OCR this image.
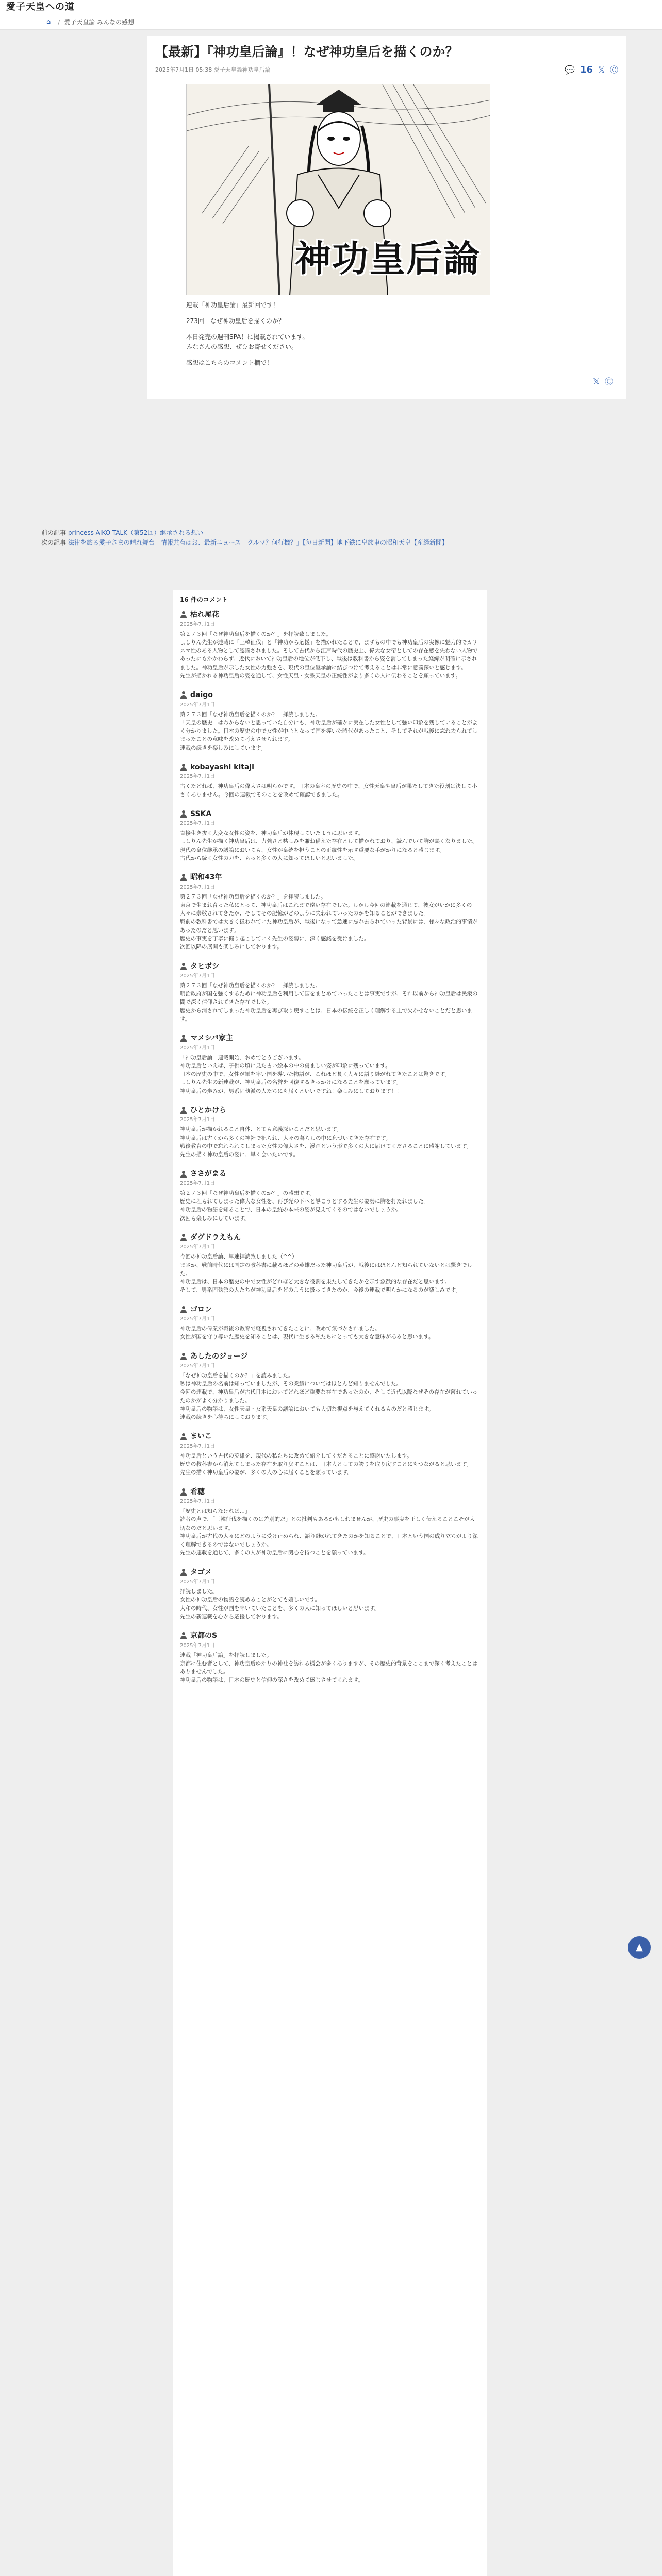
愛子天皇への道
⌂ / 愛子天皇論 みんなの感想
【最新】『神功皇后論』！なぜ神功皇后を描くのか？
2025年7月1日 05:38 愛子天皇論神功皇后論	💬 16 𝕏 Ⓒ
神功皇后論

連載「神功皇后論」最新回です！

273回　なぜ神功皇后を描くのか？

本日発売の週刊SPA！に掲載されています。
みなさんの感想、ぜひお寄せください。

感想はこちらのコメント欄で！

𝕏 Ⓒ
前の記事 princess AIKO TALK（第52回）継承される想い
次の記事 法律を旅る愛子さまの晴れ舞台　情報共有はお、最新ニュース「クルマ？何行機？」【毎日新聞】地下鉄に皇族車の昭和天皇【産経新聞】
16 件のコメント
枯れ尾花
2025年7月1日
第２７３回「なぜ神功皇后を描くのか？」を拝読致しました。
よしりん先生が連載に「三韓征伐」と「神功から応援」を描かれたことで、まずもの中でも神功皇后の実像に魅力的でカリスマ性のある人物として認識されました。そして古代から江戸時代の歴史上、偉大な女帝としての存在感を失わない人物であったにもかかわらず、近代において神功皇后の地位が低下し、戦後は教科書から姿を消してしまった経緯が明確に示されました。神功皇后が示した女性の力強さを、現代の皇位継承論に結びつけて考えることは非常に意義深いと感じます。
先生が描かれる神功皇后の姿を通して、女性天皇・女系天皇の正統性がより多くの人に伝わることを願っています。
daigo
2025年7月1日
第２７３回「なぜ神功皇后を描くのか？」拝読しました。
「天皇の歴史」はわからないと思っていた自分にも、神功皇后が確かに実在した女性として強い印象を残していることがよく分かりました。日本の歴史の中で女性が中心となって国を導いた時代があったこと、そしてそれが戦後に忘れ去られてしまったことの意味を改めて考えさせられます。
連載の続きを楽しみにしています。
kobayashi kitaji
2025年7月1日
古くたどれば、神功皇后の偉大さは明らかです。日本の皇室の歴史の中で、女性天皇や皇后が果たしてきた役割は決して小さくありません。今回の連載でそのことを改めて確認できました。
SSKA
2025年7月1日
直接生き抜く大変な女性の姿を、神功皇后が体現していたように思います。
よしりん先生が描く神功皇后は、力強さと慈しみを兼ね備えた存在として描かれており、読んでいて胸が熱くなりました。
現代の皇位継承の議論においても、女性が皇統を担うことの正統性を示す重要な手がかりになると感じます。
古代から続く女性の力を、もっと多くの人に知ってほしいと思いました。
昭和43年
2025年7月1日
第２７３回「なぜ神功皇后を描くのか？」を拝読しました。
東京で生まれ育った私にとって、神功皇后はこれまで遠い存在でした。しかし今回の連載を通じて、彼女がいかに多くの人々に崇敬されてきたか、そしてその記憶がどのように失われていったのかを知ることができました。
戦前の教科書では大きく扱われていた神功皇后が、戦後になって急速に忘れ去られていった背景には、様々な政治的事情があったのだと思います。
歴史の事実を丁寧に掘り起こしていく先生の姿勢に、深く感銘を受けました。
次回以降の展開も楽しみにしております。
タヒボシ
2025年7月1日
第２７３回「なぜ神功皇后を描くのか？」拝読しました。
明治政府が国を強くするために神功皇后を利用して国をまとめていったことは事実ですが、それ以前から神功皇后は民衆の間で深く信仰されてきた存在でした。
歴史から消されてしまった神功皇后を再び取り戻すことは、日本の伝統を正しく理解する上で欠かせないことだと思います。
マメシバ家主
2025年7月1日
「神功皇后論」連載開始、おめでとうございます。
神功皇后といえば、子供の頃に見た古い絵本の中の勇ましい姿が印象に残っています。
日本の歴史の中で、女性が軍を率い国を導いた物語が、これほど長く人々に語り継がれてきたことは驚きです。
よしりん先生の新連載が、神功皇后の名誉を回復するきっかけになることを願っています。
神功皇后の歩みが、男系固執派の人たちにも届くといいですね！楽しみにしております！！
ひとかけら
2025年7月1日
神功皇后が描かれること自体、とても意義深いことだと思います。
神功皇后は古くから多くの神社で祀られ、人々の暮らしの中に息づいてきた存在です。
戦後教育の中で忘れられてしまった女性の偉大さを、漫画という形で多くの人に届けてくださることに感謝しています。
先生の描く神功皇后の姿に、早く会いたいです。
ささがまる
2025年7月1日
第２７３回「なぜ神功皇后を描くのか？」の感想です。
歴史に埋もれてしまった偉大な女性を、再び光の下へと導こうとする先生の姿勢に胸を打たれました。
神功皇后の物語を知ることで、日本の皇統の本来の姿が見えてくるのではないでしょうか。
次回も楽しみにしています。
ダグドラえもん
2025年7月1日
今回の神功皇后論、早速拝読致しました（^^）
まさか、戦前時代には国定の教科書に載るほどの英雄だった神功皇后が、戦後にはほとんど知られていないとは驚きでした。
神功皇后は、日本の歴史の中で女性がどれほど大きな役割を果たしてきたかを示す象徴的な存在だと思います。
そして、男系固執派の人たちが神功皇后をどのように扱ってきたのか、今後の連載で明らかになるのが楽しみです。
ゴロン
2025年7月1日
神功皇后の偉業が戦後の教育で軽視されてきたことに、改めて気づかされました。
女性が国を守り導いた歴史を知ることは、現代に生きる私たちにとっても大きな意味があると思います。
あしたのジョージ
2025年7月1日
「なぜ神功皇后を描くのか？」を読みました。
私は神功皇后の名前は知っていましたが、その業績についてはほとんど知りませんでした。
今回の連載で、神功皇后が古代日本においてどれほど重要な存在であったのか、そして近代以降なぜその存在が薄れていったのかがよく分かりました。
神功皇后の物語は、女性天皇・女系天皇の議論においても大切な視点を与えてくれるものだと感じます。
連載の続きを心待ちにしております。
まいこ
2025年7月1日
神功皇后という古代の英雄を、現代の私たちに改めて紹介してくださることに感謝いたします。
歴史の教科書から消えてしまった存在を取り戻すことは、日本人としての誇りを取り戻すことにもつながると思います。
先生の描く神功皇后の姿が、多くの人の心に届くことを願っています。
希穂
2025年7月1日
「歴史とは知らなければ…」
読者の声で、「三韓征伐を描くのは差別的だ」との批判もあるかもしれませんが、歴史の事実を正しく伝えることこそが大切なのだと思います。
神功皇后が古代の人々にどのように受け止められ、語り継がれてきたのかを知ることで、日本という国の成り立ちがより深く理解できるのではないでしょうか。
先生の連載を通じて、多くの人が神功皇后に関心を持つことを願っています。
タゴメ
2025年7月1日
拝読しました。
女性の神功皇后の物語を読めることがとても嬉しいです。
大和の時代、女性が国を率いていたことを、多くの人に知ってほしいと思います。
先生の新連載を心から応援しております。
京都のS
2025年7月1日
連載「神功皇后論」を拝読しました。
京都に住む者として、神功皇后ゆかりの神社を訪れる機会が多くありますが、その歴史的背景をここまで深く考えたことはありませんでした。
神功皇后の物語は、日本の歴史と信仰の深さを改めて感じさせてくれます。
▲
